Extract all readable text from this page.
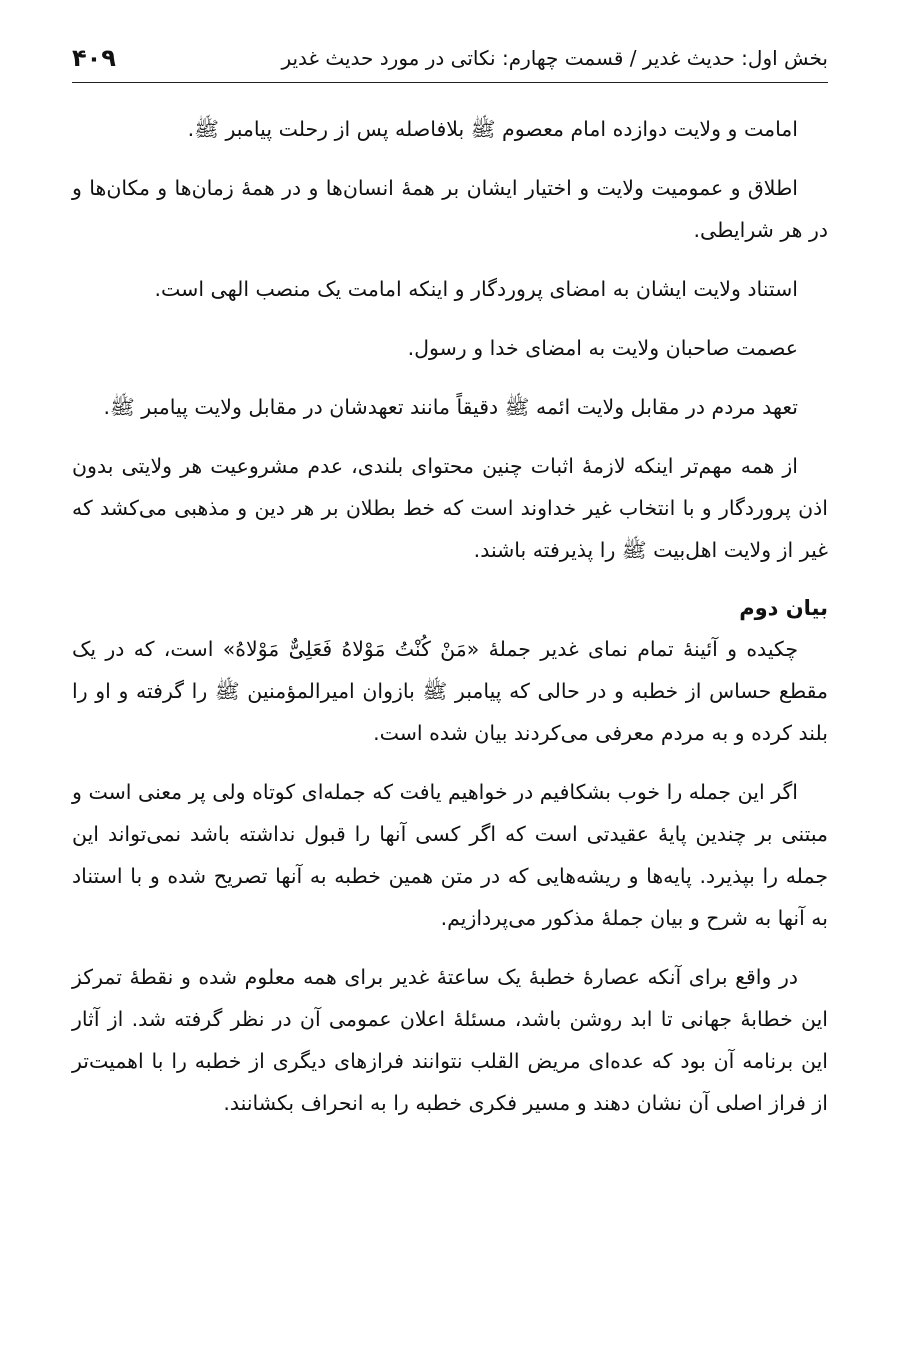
بخش اول: حدیث غدیر / قسمت چهارم: نکاتی در مورد حدیث غدیر
۴۰۹

امامت و ولایت دوازده امام معصوم ﷺ بلافاصله پس از رحلت پیامبر ﷺ.

اطلاق و عمومیت ولایت و اختیار ایشان بر همهٔ انسان‌ها و در همهٔ زمان‌ها و مکان‌ها و در هر شرایطی.

استناد ولایت ایشان به امضای پروردگار و اینکه امامت یک منصب الهی است.

عصمت صاحبان ولایت به امضای خدا و رسول.

تعهد مردم در مقابل ولایت ائمه ﷺ دقیقاً مانند تعهدشان در مقابل ولایت پیامبر ﷺ.

از همه مهم‌تر اینکه لازمهٔ اثبات چنین محتوای بلندی، عدم مشروعیت هر ولایتی بدون اذن پروردگار و با انتخاب غیر خداوند است که خط بطلان بر هر دین و مذهبی می‌کشد که غیر از ولایت اهل‌بیت ﷺ را پذیرفته باشند.

بیان دوم

چکیده و آئینهٔ تمام نمای غدیر جملهٔ «مَنْ کُنْتُ مَوْلاهُ فَعَلِیٌّ مَوْلاهُ» است، که در یک مقطع حساس از خطبه و در حالی که پیامبر ﷺ بازوان امیرالمؤمنین ﷺ را گرفته و او را بلند کرده و به مردم معرفی می‌کردند بیان شده است.

اگر این جمله را خوب بشکافیم در خواهیم یافت که جمله‌ای کوتاه ولی پر معنی است و مبتنی بر چندین پایهٔ عقیدتی است که اگر کسی آنها را قبول نداشته باشد نمی‌تواند این جمله را بپذیرد. پایه‌ها و ریشه‌هایی که در متن همین خطبه به آنها تصریح شده و با استناد به آنها به شرح و بیان جملهٔ مذکور می‌پردازیم.

در واقع برای آنکه عصارهٔ خطبهٔ یک ساعتهٔ غدیر برای همه معلوم شده و نقطهٔ تمرکز این خطابهٔ جهانی تا ابد روشن باشد، مسئلهٔ اعلان عمومی آن در نظر گرفته شد. از آثار این برنامه آن بود که عده‌ای مریض القلب نتوانند فرازهای دیگری از خطبه را با اهمیت‌تر از فراز اصلی آن نشان دهند و مسیر فکری خطبه را به انحراف بکشانند.
